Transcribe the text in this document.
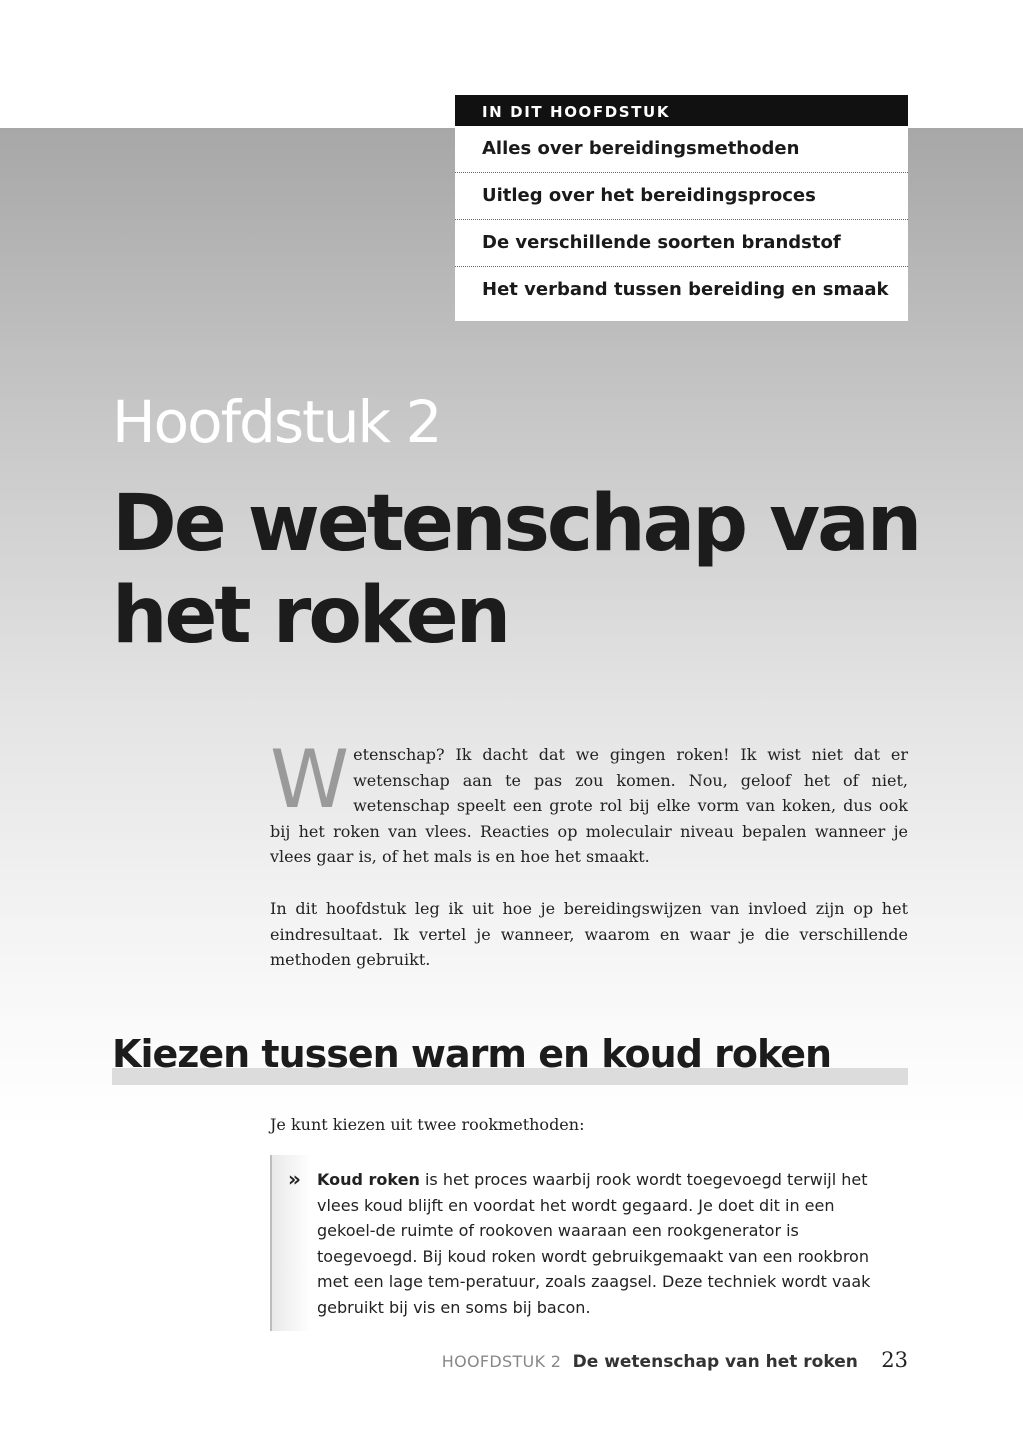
IN DIT HOOFDSTUK
Alles over bereidingsmethoden
Uitleg over het bereidingsproces
De verschillende soorten brandstof
Het verband tussen bereiding en smaak
Hoofdstuk 2
De wetenschap van
het roken

Wetenschap? Ik dacht dat we gingen roken! Ik wist niet dat er wetenschap aan te pas zou komen. Nou, geloof het of niet, wetenschap speelt een grote rol bij elke vorm van koken, dus ook bij het roken van vlees. Reacties op moleculair niveau bepalen wanneer je vlees gaar is, of het mals is en hoe het smaakt.

In dit hoofdstuk leg ik uit hoe je bereidingswijzen van invloed zijn op het eindresultaat. Ik vertel je wanneer, waarom en waar je die verschillende methoden gebruikt.

Kiezen tussen warm en koud roken

Je kunt kiezen uit twee rookmethoden:

» Koud roken is het proces waarbij rook wordt toegevoegd terwijl het vlees koud blijft en voordat het wordt gegaard. Je doet dit in een gekoel-de ruimte of rookoven waaraan een rookgenerator is toegevoegd. Bij koud roken wordt gebruikgemaakt van een rookbron met een lage tem-peratuur, zoals zaagsel. Deze techniek wordt vaak gebruikt bij vis en soms bij bacon.

HOOFDSTUK 2 De wetenschap van het roken 23
